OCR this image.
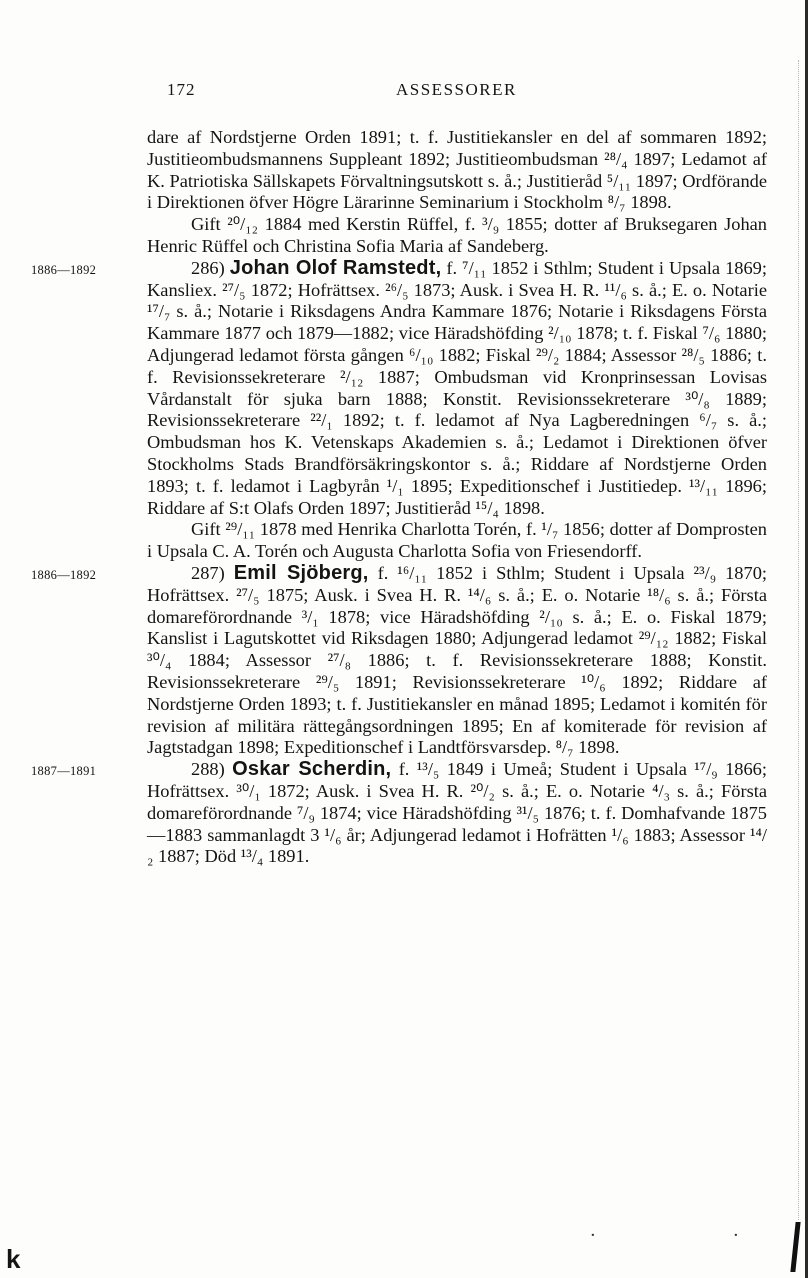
172	ASSESSORER

dare af Nordstjerne Orden 1891; t. f. Justitiekansler en del af sommaren 1892; Justitieombudsmannens Suppleant 1892; Justitieombudsman ²⁸/₄ 1897; Ledamot af K. Patriotiska Sällskapets Förvaltningsutskott s. å.; Justitieråd ⁵/₁₁ 1897; Ordförande i Direktionen öfver Högre Lärarinne Seminarium i Stockholm ⁸/₇ 1898.

Gift ²⁰/₁₂ 1884 med Kerstin Rüffel, f. ³/₉ 1855; dotter af Bruksegaren Johan Henric Rüffel och Christina Sofia Maria af Sandeberg.

1886—1892	286) Johan Olof Ramstedt, f. ⁷/₁₁ 1852 i Sthlm; Student i Upsala 1869; Kansliex. ²⁷/₅ 1872; Hofrättsex. ²⁶/₅ 1873; Ausk. i Svea H. R. ¹¹/₆ s. å.; E. o. Notarie ¹⁷/₇ s. å.; Notarie i Riksdagens Andra Kammare 1876; Notarie i Riksdagens Första Kammare 1877 och 1879—1882; vice Häradshöfding ²/₁₀ 1878; t. f. Fiskal ⁷/₆ 1880; Adjungerad ledamot första gången ⁶/₁₀ 1882; Fiskal ²⁹/₂ 1884; Assessor ²⁸/₅ 1886; t. f. Revisionssekreterare ²/₁₂ 1887; Ombudsman vid Kronprinsessan Lovisas Vårdanstalt för sjuka barn 1888; Konstit. Revisionssekreterare ³⁰/₈ 1889; Revisionssekreterare ²²/₁ 1892; t. f. ledamot af Nya Lagberedningen ⁶/₇ s. å.; Ombudsman hos K. Vetenskaps Akademien s. å.; Ledamot i Direktionen öfver Stockholms Stads Brandförsäkringskontor s. å.; Riddare af Nordstjerne Orden 1893; t. f. ledamot i Lagbyrån ¹/₁ 1895; Expeditionschef i Justitiedep. ¹³/₁₁ 1896; Riddare af S:t Olafs Orden 1897; Justitieråd ¹⁵/₄ 1898.

Gift ²⁹/₁₁ 1878 med Henrika Charlotta Torén, f. ¹/₇ 1856; dotter af Domprosten i Upsala C. A. Torén och Augusta Charlotta Sofia von Friesendorff.

1886—1892	287) Emil Sjöberg, f. ¹⁶/₁₁ 1852 i Sthlm; Student i Upsala ²³/₉ 1870; Hofrättsex. ²⁷/₅ 1875; Ausk. i Svea H. R. ¹⁴/₆ s. å.; E. o. Notarie ¹⁸/₆ s. å.; Första domareförordnande ³/₁ 1878; vice Häradshöfding ²/₁₀ s. å.; E. o. Fiskal 1879; Kanslist i Lagutskottet vid Riksdagen 1880; Adjungerad ledamot ²⁹/₁₂ 1882; Fiskal ³⁰/₄ 1884; Assessor ²⁷/₈ 1886; t. f. Revisionssekreterare 1888; Konstit. Revisionssekreterare ²⁹/₅ 1891; Revisionssekreterare ¹⁰/₆ 1892; Riddare af Nordstjerne Orden 1893; t. f. Justitiekansler en månad 1895; Ledamot i komitén för revision af militära rättegångsordningen 1895; En af komiterade för revision af Jagtstadgan 1898; Expeditionschef i Landtförsvarsdep. ⁸/₇ 1898.

1887—1891	288) Oskar Scherdin, f. ¹³/₅ 1849 i Umeå; Student i Upsala ¹⁷/₉ 1866; Hofrättsex. ³⁰/₁ 1872; Ausk. i Svea H. R. ²⁰/₂ s. å.; E. o. Notarie ⁴/₃ s. å.; Första domareförordnande ⁷/₉ 1874; vice Häradshöfding ³¹/₅ 1876; t. f. Domhafvande 1875—1883 sammanlagdt 3 ¹/₆ år; Adjungerad ledamot i Hofrätten ¹/₆ 1883; Assessor ¹⁴/₂ 1887; Död ¹³/₄ 1891.

k
·	·
